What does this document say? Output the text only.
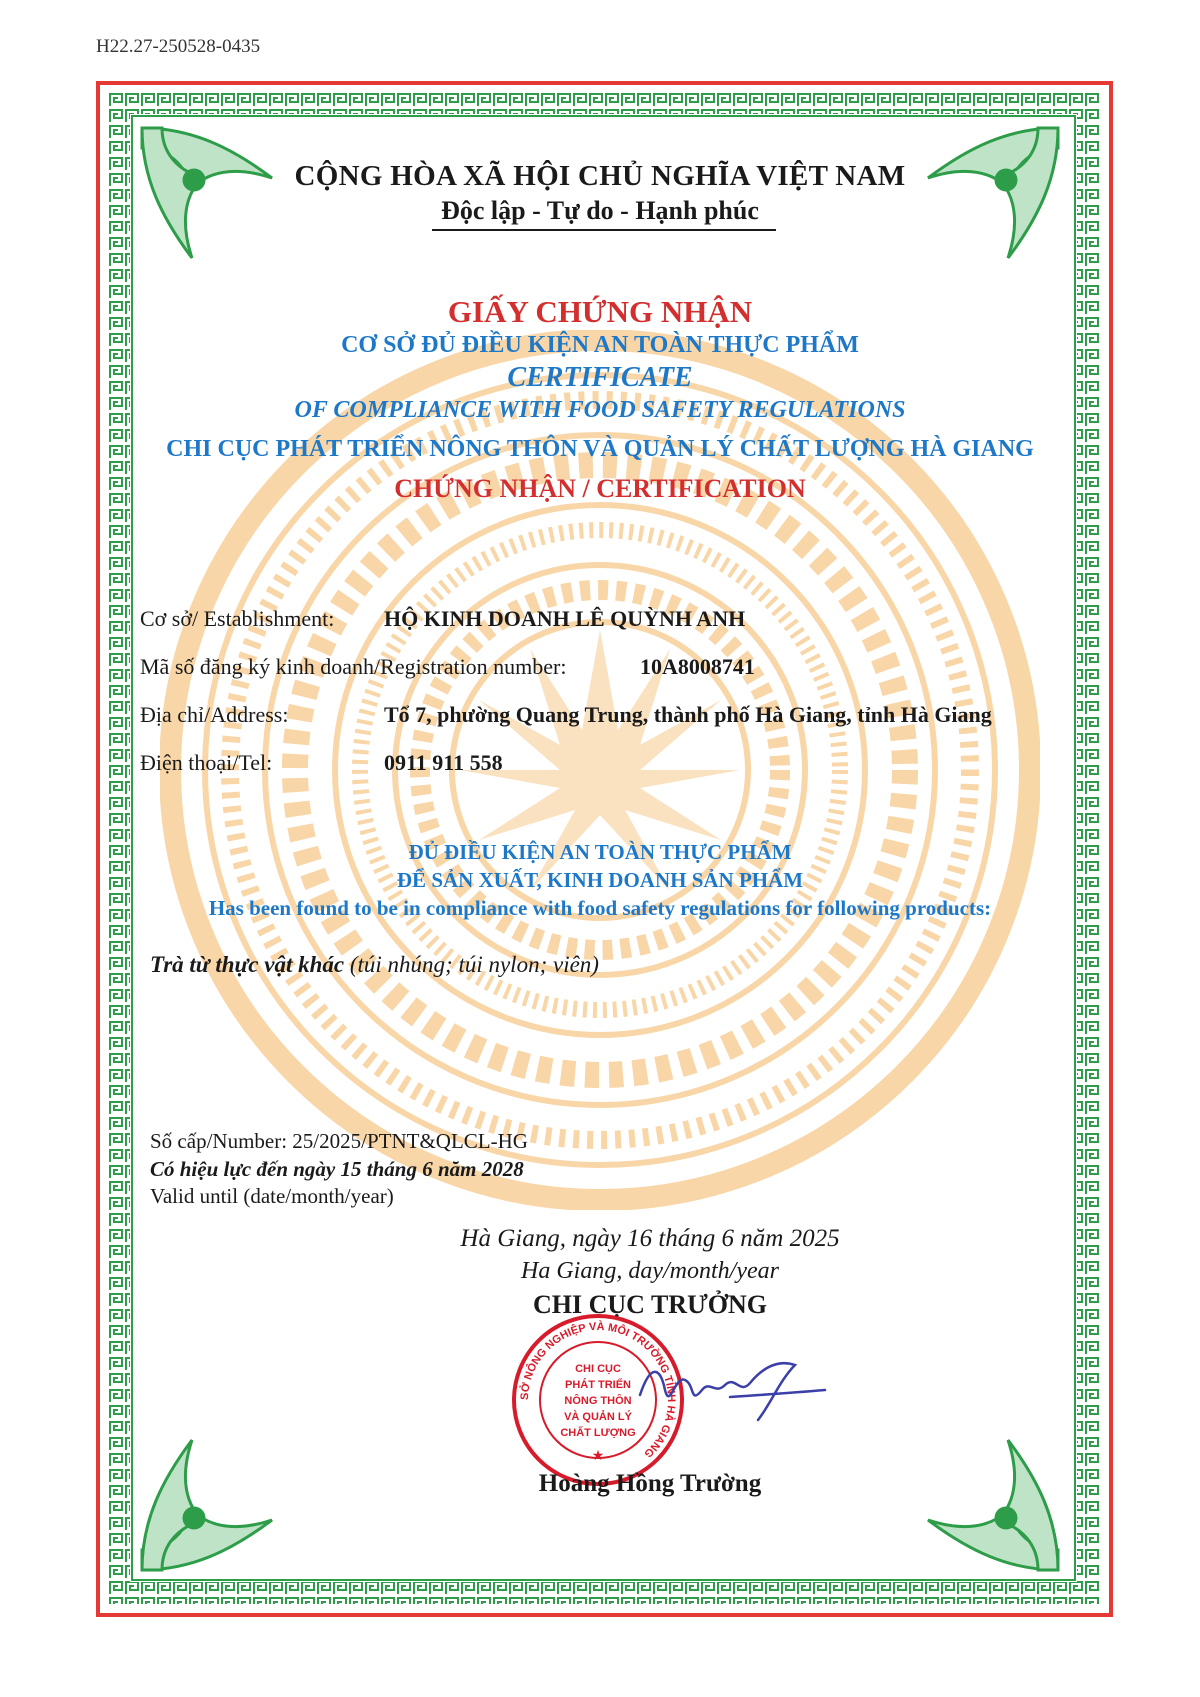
H22.27-250528-0435
CỘNG HÒA XÃ HỘI CHỦ NGHĨA VIỆT NAM
Độc lập - Tự do - Hạnh phúc
GIẤY CHỨNG NHẬN
CƠ SỞ ĐỦ ĐIỀU KIỆN AN TOÀN THỰC PHẨM
CERTIFICATE
OF COMPLIANCE WITH FOOD SAFETY REGULATIONS
CHI CỤC PHÁT TRIỂN NÔNG THÔN VÀ QUẢN LÝ CHẤT LƯỢNG HÀ GIANG
CHỨNG NHẬN / CERTIFICATION
Cơ sở/ Establishment: HỘ KINH DOANH LÊ QUỲNH ANH
Mã số đăng ký kinh doanh/Registration number:	10A8008741
Địa chỉ/Address:	Tổ 7, phường Quang Trung, thành phố Hà Giang, tỉnh Hà Giang
Điện thoại/Tel:	0911 911 558
ĐỦ ĐIỀU KIỆN AN TOÀN THỰC PHẨM
ĐỂ SẢN XUẤT, KINH DOANH SẢN PHẨM
Has been found to be in compliance with food safety regulations for following products:
Trà từ thực vật khác (túi nhúng; túi nylon; viên)
Số cấp/Number: 25/2025/PTNT&QLCL-HG
Có hiệu lực đến ngày 15 tháng 6 năm 2028
Valid until (date/month/year)
Hà Giang, ngày 16 tháng 6 năm 2025
Ha Giang, day/month/year
CHI CỤC TRƯỞNG
SỞ NÔNG NGHIỆP VÀ MÔI TRƯỜNG TỈNH HÀ GIANG
CHI CỤC
PHÁT TRIỂN
NÔNG THÔN
VÀ QUẢN LÝ
CHẤT LƯỢNG
★
Hoàng Hồng Trường
